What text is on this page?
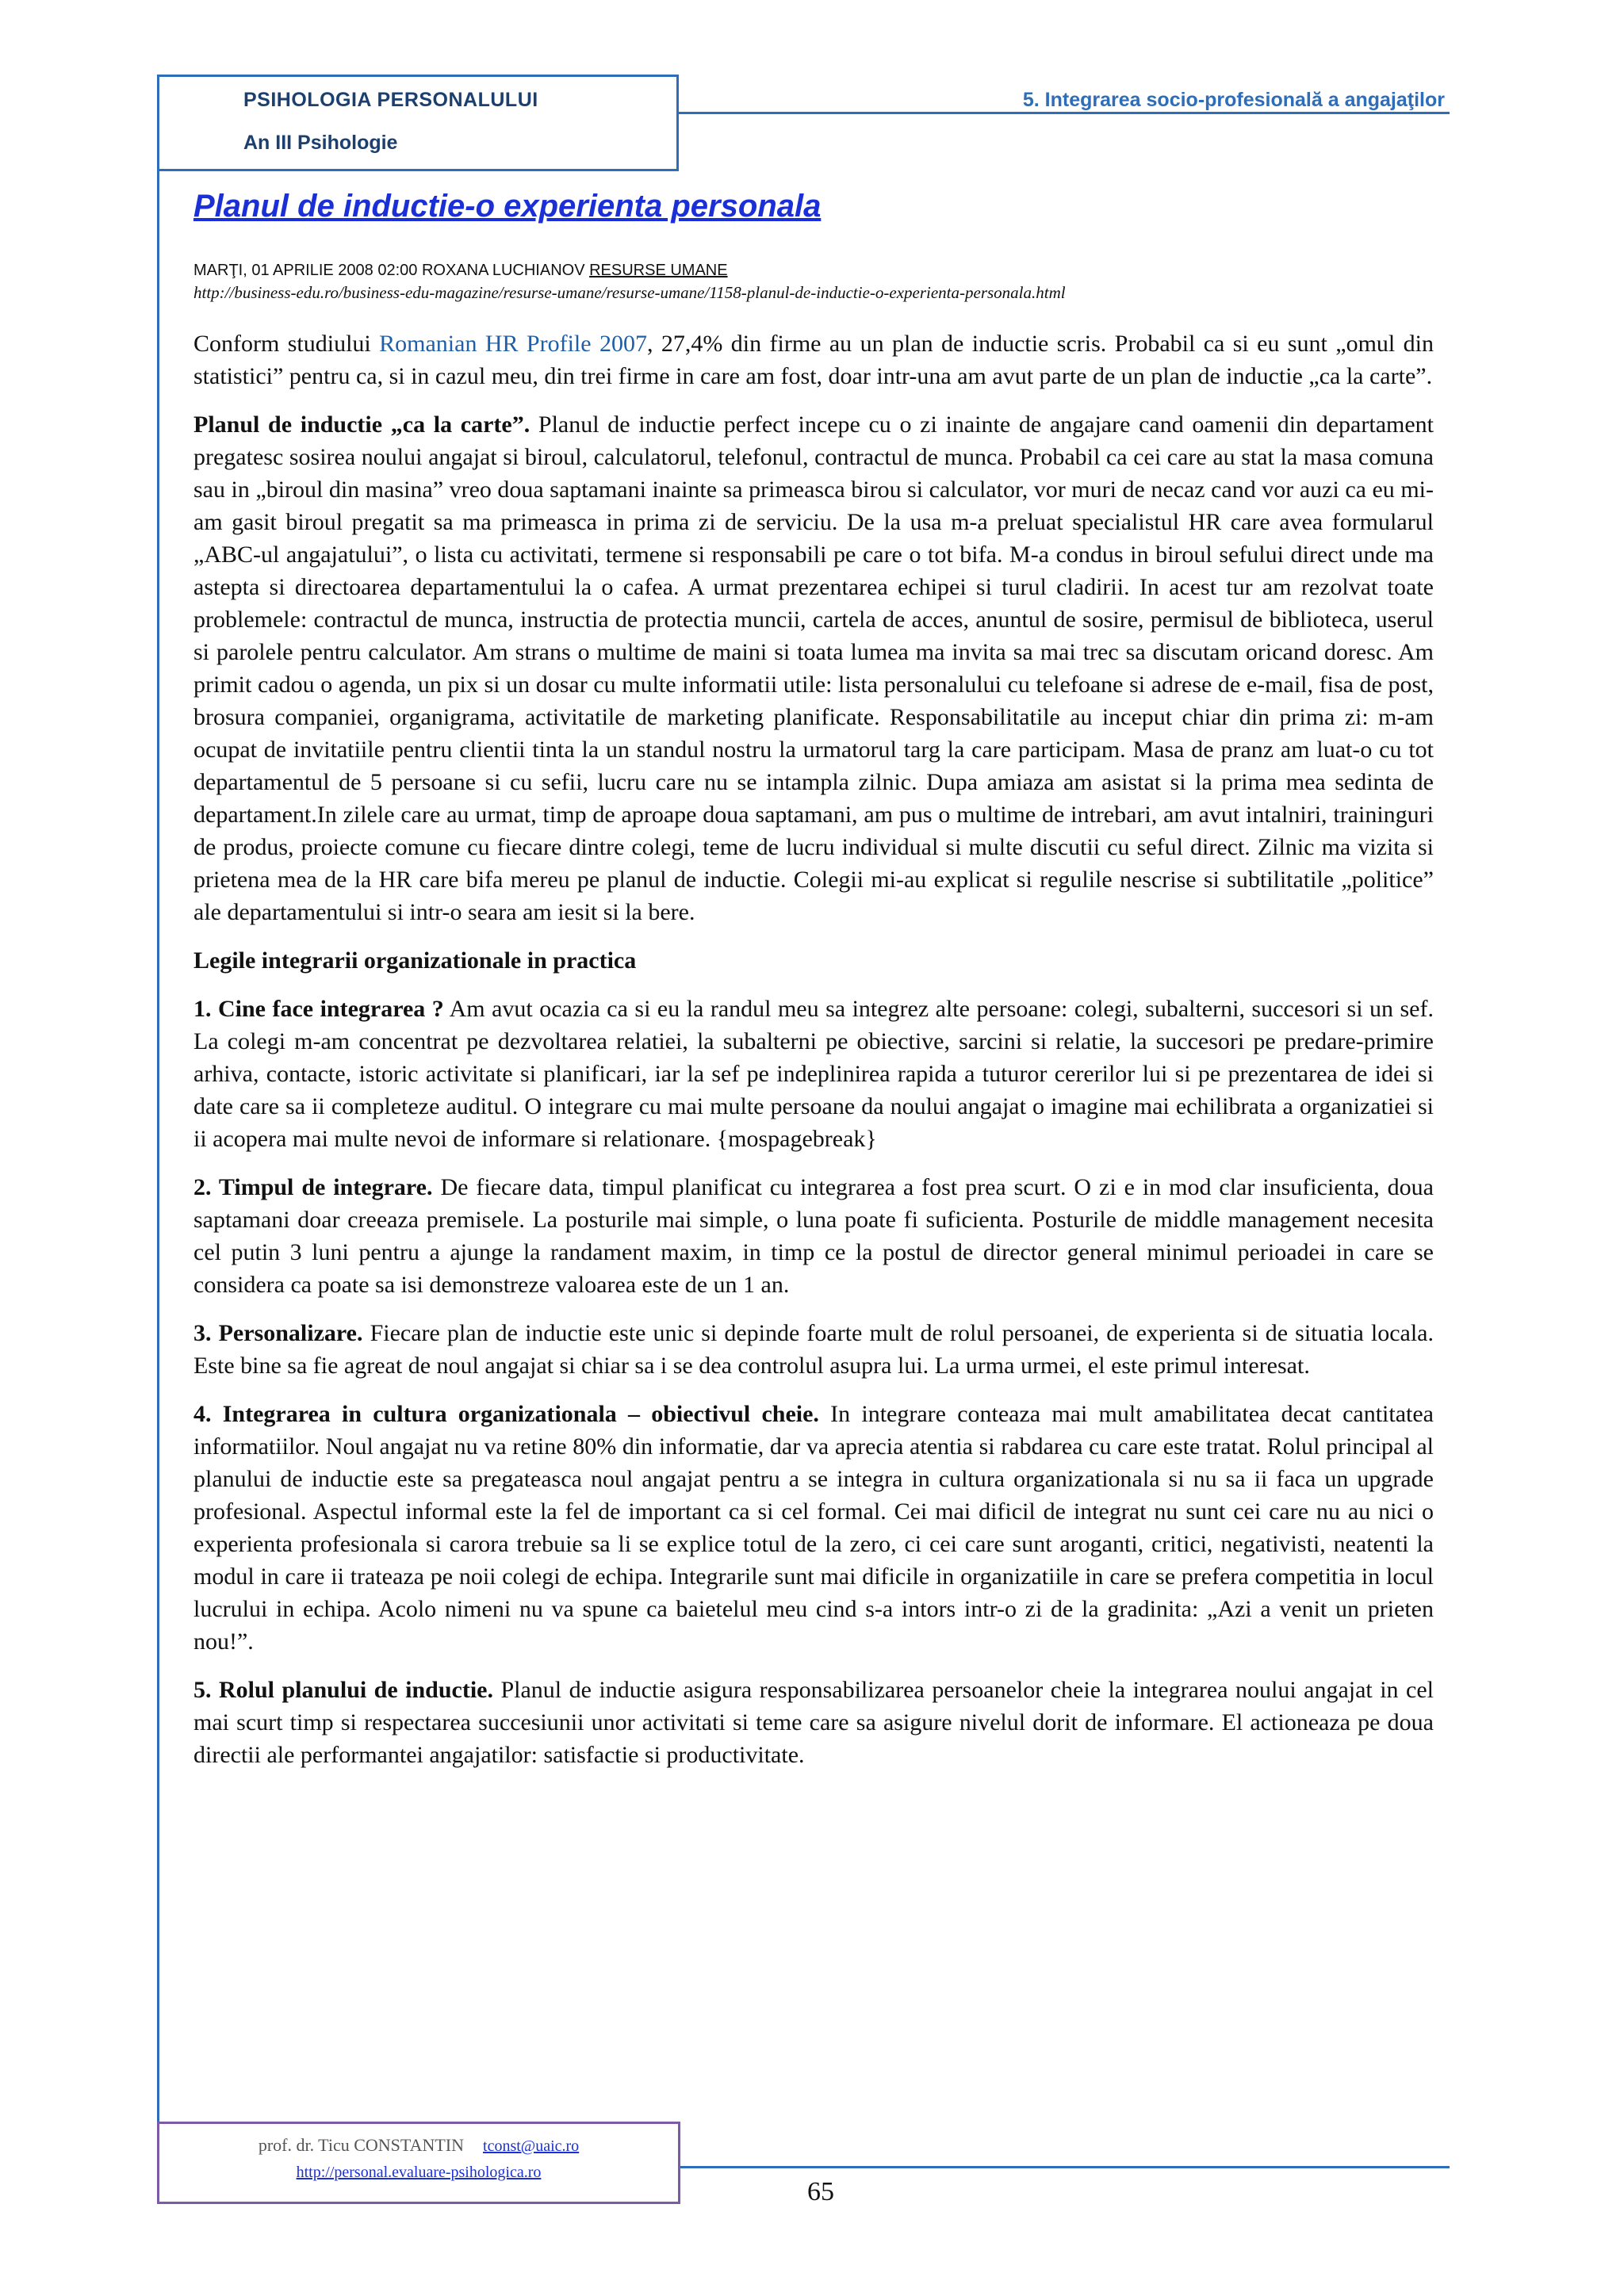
PSIHOLOGIA PERSONALULUI
An III Psihologie
5. Integrarea socio-profesională a angajaţilor
Planul de inductie-o experienta personala

MARŢI, 01 APRILIE 2008 02:00 ROXANA LUCHIANOV RESURSE UMANE

http://business-edu.ro/business-edu-magazine/resurse-umane/resurse-umane/1158-planul-de-inductie-o-experienta-personala.html

Conform studiului Romanian HR Profile 2007, 27,4% din firme au un plan de inductie scris. Probabil ca si eu sunt „omul din statistici” pentru ca, si in cazul meu, din trei firme in care am fost, doar intr-una am avut parte de un plan de inductie „ca la carte”.

Planul de inductie „ca la carte”. Planul de inductie perfect incepe cu o zi inainte de angajare cand oamenii din departament pregatesc sosirea noului angajat si biroul, calculatorul, telefonul, contractul de munca. Probabil ca cei care au stat la masa comuna sau in „biroul din masina” vreo doua saptamani inainte sa primeasca birou si calculator, vor muri de necaz cand vor auzi ca eu mi-am gasit biroul pregatit sa ma primeasca in prima zi de serviciu. De la usa m-a preluat specialistul HR care avea formularul „ABC-ul angajatului”, o lista cu activitati, termene si responsabili pe care o tot bifa. M-a condus in biroul sefului direct unde ma astepta si directoarea departamentului la o cafea. A urmat prezentarea echipei si turul cladirii. In acest tur am rezolvat toate problemele: contractul de munca, instructia de protectia muncii, cartela de acces, anuntul de sosire, permisul de biblioteca, userul si parolele pentru calculator. Am strans o multime de maini si toata lumea ma invita sa mai trec sa discutam oricand doresc. Am primit cadou o agenda, un pix si un dosar cu multe informatii utile: lista personalului cu telefoane si adrese de e-mail, fisa de post, brosura companiei, organigrama, activitatile de marketing planificate. Responsabilitatile au inceput chiar din prima zi: m-am ocupat de invitatiile pentru clientii tinta la un standul nostru la urmatorul targ la care participam. Masa de pranz am luat-o cu tot departamentul de 5 persoane si cu sefii, lucru care nu se intampla zilnic. Dupa amiaza am asistat si la prima mea sedinta de departament.In zilele care au urmat, timp de aproape doua saptamani, am pus o multime de intrebari, am avut intalniri, traininguri de produs, proiecte comune cu fiecare dintre colegi, teme de lucru individual si multe discutii cu seful direct. Zilnic ma vizita si prietena mea de la HR care bifa mereu pe planul de inductie. Colegii mi-au explicat si regulile nescrise si subtilitatile „politice” ale departamentului si intr-o seara am iesit si la bere.

Legile integrarii organizationale in practica

1. Cine face integrarea ? Am avut ocazia ca si eu la randul meu sa integrez alte persoane: colegi, subalterni, succesori si un sef. La colegi m-am concentrat pe dezvoltarea relatiei, la subalterni pe obiective, sarcini si relatie, la succesori pe predare-primire arhiva, contacte, istoric activitate si planificari, iar la sef pe indeplinirea rapida a tuturor cererilor lui si pe prezentarea de idei si date care sa ii completeze auditul. O integrare cu mai multe persoane da noului angajat o imagine mai echilibrata a organizatiei si ii acopera mai multe nevoi de informare si relationare. {mospagebreak}

2. Timpul de integrare. De fiecare data, timpul planificat cu integrarea a fost prea scurt. O zi e in mod clar insuficienta, doua saptamani doar creeaza premisele. La posturile mai simple, o luna poate fi suficienta. Posturile de middle management necesita cel putin 3 luni pentru a ajunge la randament maxim, in timp ce la postul de director general minimul perioadei in care se considera ca poate sa isi demonstreze valoarea este de un 1 an.

3. Personalizare. Fiecare plan de inductie este unic si depinde foarte mult de rolul persoanei, de experienta si de situatia locala. Este bine sa fie agreat de noul angajat si chiar sa i se dea controlul asupra lui. La urma urmei, el este primul interesat.

4. Integrarea in cultura organizationala – obiectivul cheie. In integrare conteaza mai mult amabilitatea decat cantitatea informatiilor. Noul angajat nu va retine 80% din informatie, dar va aprecia atentia si rabdarea cu care este tratat. Rolul principal al planului de inductie este sa pregateasca noul angajat pentru a se integra in cultura organizationala si nu sa ii faca un upgrade profesional. Aspectul informal este la fel de important ca si cel formal. Cei mai dificil de integrat nu sunt cei care nu au nici o experienta profesionala si carora trebuie sa li se explice totul de la zero, ci cei care sunt aroganti, critici, negativisti, neatenti la modul in care ii trateaza pe noii colegi de echipa. Integrarile sunt mai dificile in organizatiile in care se prefera competitia in locul lucrului in echipa. Acolo nimeni nu va spune ca baietelul meu cind s-a intors intr-o zi de la gradinita: „Azi a venit un prieten nou!”.

5. Rolul planului de inductie. Planul de inductie asigura responsabilizarea persoanelor cheie la integrarea noului angajat in cel mai scurt timp si respectarea succesiunii unor activitati si teme care sa asigure nivelul dorit de informare. El actioneaza pe doua directii ale performantei angajatilor: satisfactie si productivitate.

prof. dr. Ticu CONSTANTIN tconst@uaic.ro
http://personal.evaluare-psihologica.ro
65
